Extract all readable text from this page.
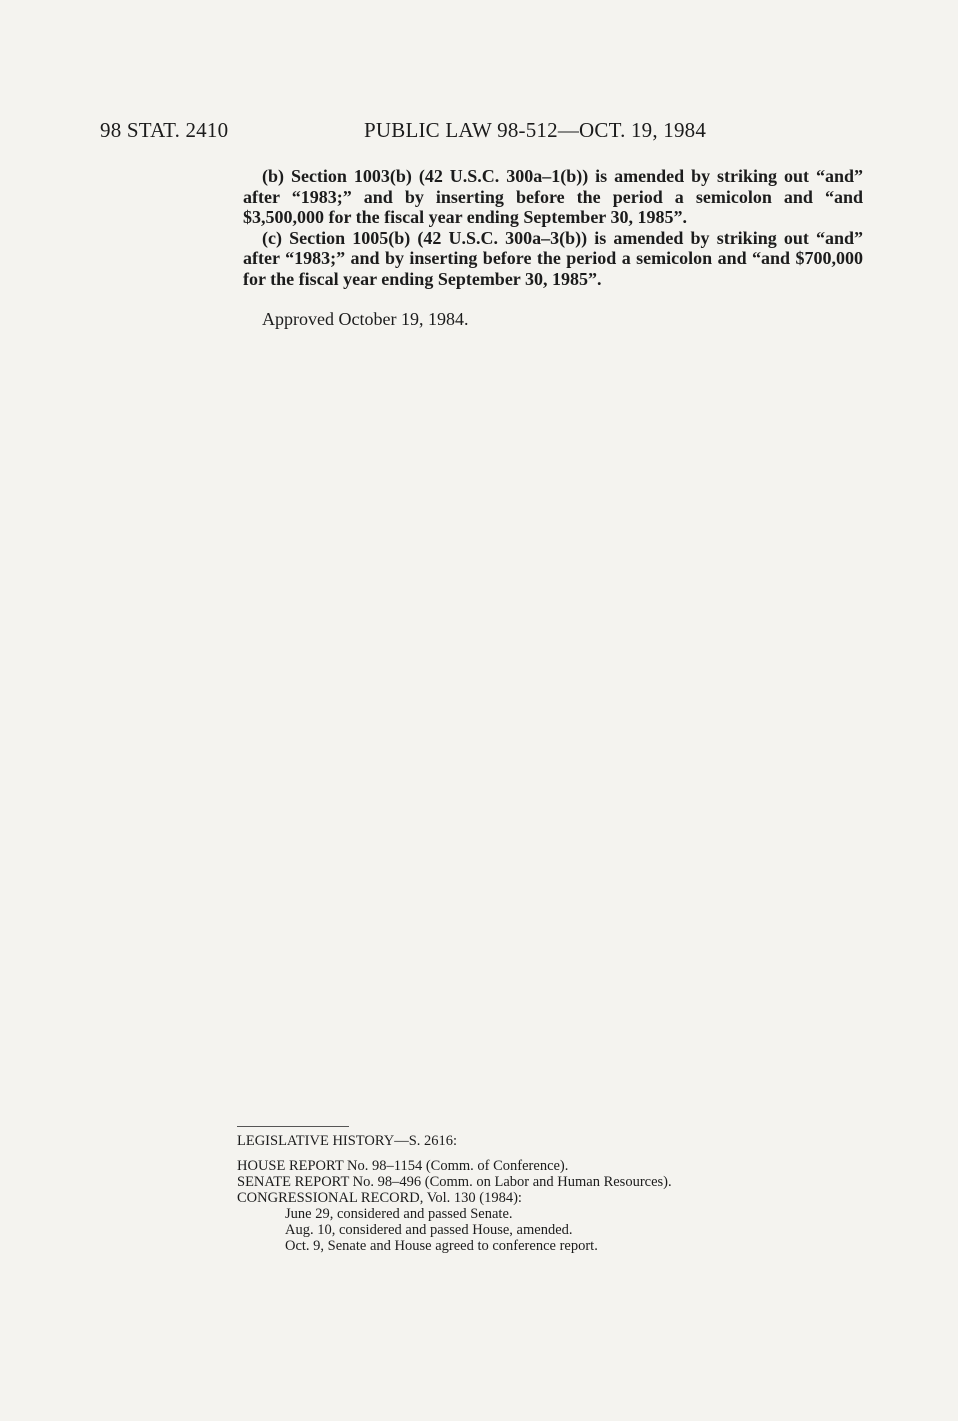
98 STAT. 2410	PUBLIC LAW 98-512—OCT. 19, 1984

(b) Section 1003(b) (42 U.S.C. 300a–1(b)) is amended by striking out “and” after “1983;” and by inserting before the period a semicolon and “and $3,500,000 for the fiscal year ending September 30, 1985”.

(c) Section 1005(b) (42 U.S.C. 300a–3(b)) is amended by striking out “and” after “1983;” and by inserting before the period a semicolon and “and $700,000 for the fiscal year ending September 30, 1985”.

Approved October 19, 1984.

LEGISLATIVE HISTORY—S. 2616:

HOUSE REPORT No. 98–1154 (Comm. of Conference).

SENATE REPORT No. 98–496 (Comm. on Labor and Human Resources).

CONGRESSIONAL RECORD, Vol. 130 (1984):

June 29, considered and passed Senate.

Aug. 10, considered and passed House, amended.

Oct. 9, Senate and House agreed to conference report.
